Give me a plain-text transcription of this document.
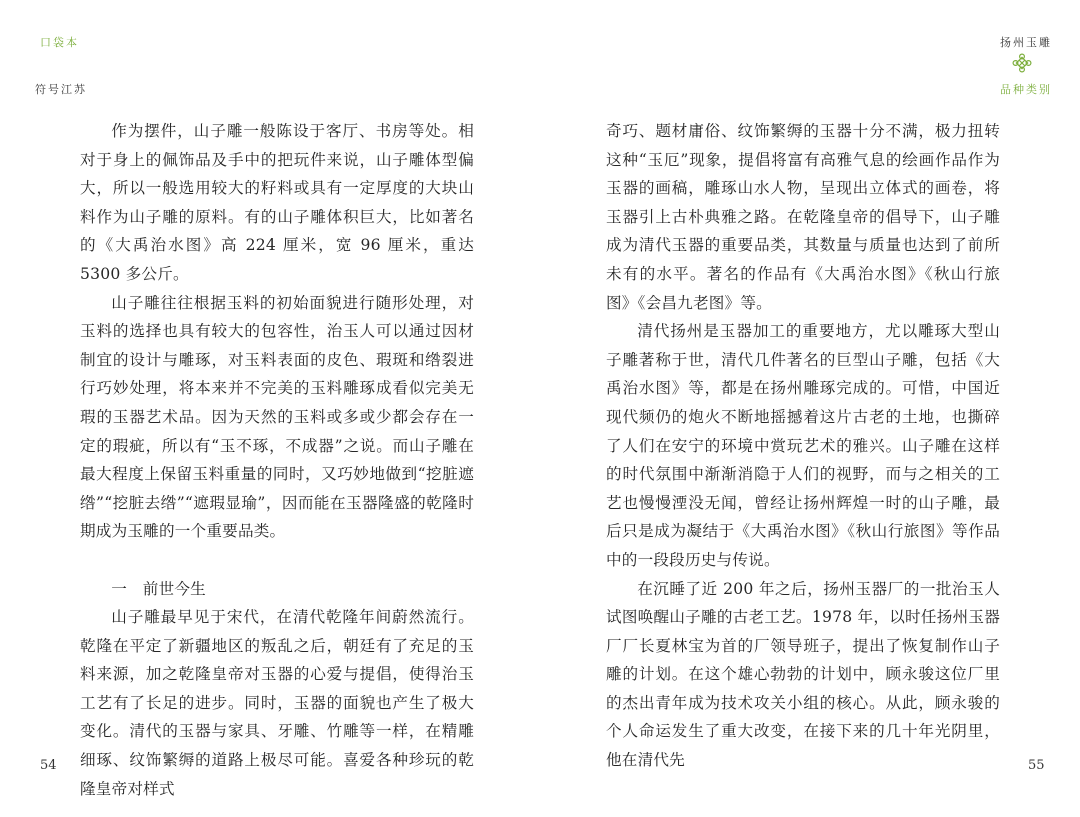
口袋本
符号江苏

作为摆件，山子雕一般陈设于客厅、书房等处。相对于身上的佩饰品及手中的把玩件来说，山子雕体型偏大，所以一般选用较大的籽料或具有一定厚度的大块山料作为山子雕的原料。有的山子雕体积巨大，比如著名的《大禹治水图》高 224 厘米，宽 96 厘米，重达 5300 多公斤。

山子雕往往根据玉料的初始面貌进行随形处理，对玉料的选择也具有较大的包容性，治玉人可以通过因材制宜的设计与雕琢，对玉料表面的皮色、瑕斑和绺裂进行巧妙处理，将本来并不完美的玉料雕琢成看似完美无瑕的玉器艺术品。因为天然的玉料或多或少都会存在一定的瑕疵，所以有“玉不琢，不成器”之说。而山子雕在最大程度上保留玉料重量的同时，又巧妙地做到“挖脏遮绺”“挖脏去绺”“遮瑕显瑜”，因而能在玉器隆盛的乾隆时期成为玉雕的一个重要品类。

一　前世今生

山子雕最早见于宋代，在清代乾隆年间蔚然流行。乾隆在平定了新疆地区的叛乱之后，朝廷有了充足的玉料来源，加之乾隆皇帝对玉器的心爱与提倡，使得治玉工艺有了长足的进步。同时，玉器的面貌也产生了极大变化。清代的玉器与家具、牙雕、竹雕等一样，在精雕细琢、纹饰繁缛的道路上极尽可能。喜爱各种珍玩的乾隆皇帝对样式

54
扬州玉雕
品种类别
55

奇巧、题材庸俗、纹饰繁缛的玉器十分不满，极力扭转这种“玉厄”现象，提倡将富有高雅气息的绘画作品作为玉器的画稿，雕琢山水人物，呈现出立体式的画卷，将玉器引上古朴典雅之路。在乾隆皇帝的倡导下，山子雕成为清代玉器的重要品类，其数量与质量也达到了前所未有的水平。著名的作品有《大禹治水图》《秋山行旅图》《会昌九老图》等。

清代扬州是玉器加工的重要地方，尤以雕琢大型山子雕著称于世，清代几件著名的巨型山子雕，包括《大禹治水图》等，都是在扬州雕琢完成的。可惜，中国近现代频仍的炮火不断地摇撼着这片古老的土地，也撕碎了人们在安宁的环境中赏玩艺术的雅兴。山子雕在这样的时代氛围中渐渐消隐于人们的视野，而与之相关的工艺也慢慢湮没无闻，曾经让扬州辉煌一时的山子雕，最后只是成为凝结于《大禹治水图》《秋山行旅图》等作品中的一段段历史与传说。

在沉睡了近 200 年之后，扬州玉器厂的一批治玉人试图唤醒山子雕的古老工艺。1978 年，以时任扬州玉器厂厂长夏林宝为首的厂领导班子，提出了恢复制作山子雕的计划。在这个雄心勃勃的计划中，顾永骏这位厂里的杰出青年成为技术攻关小组的核心。从此，顾永骏的个人命运发生了重大改变，在接下来的几十年光阴里，他在清代先
